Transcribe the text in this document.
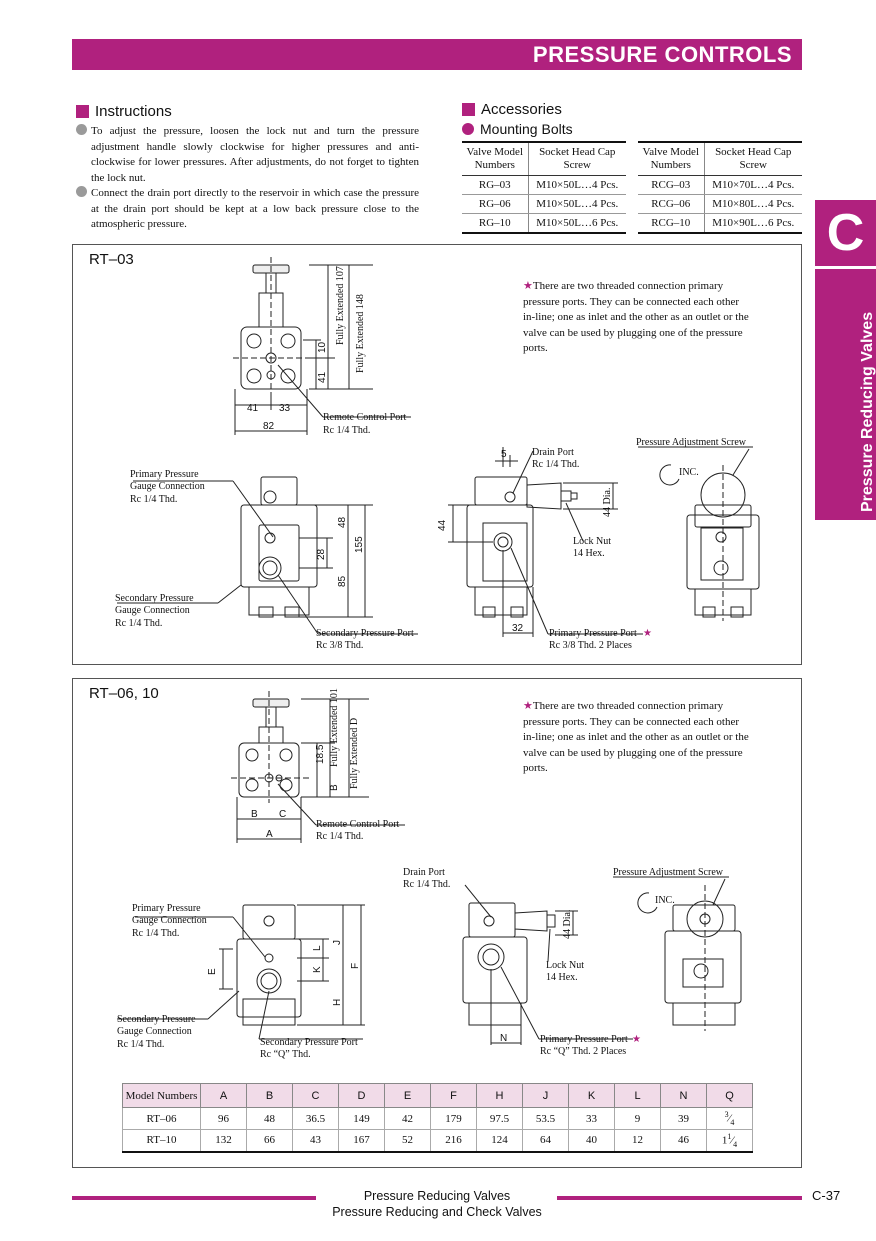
PRESSURE CONTROLS
Instructions

To adjust the pressure, loosen the lock nut and turn the pressure adjustment handle slowly clockwise for higher pressures and anti-clockwise for lower pressures. After adjustments, do not forget to tighten the lock nut.

Connect the drain port directly to the reservoir in which case the pressure at the drain port should be kept at a low back pressure close to the atmospheric pressure.

Accessories
Mounting Bolts
Valve Model Numbers	Socket Head Cap Screw
RG–03	M10×50L…4 Pcs.
RG–06	M10×50L…4 Pcs.
RG–10	M10×50L…6 Pcs.
Valve Model Numbers	Socket Head Cap Screw
RCG–03	M10×70L…4 Pcs.
RCG–06	M10×80L…4 Pcs.
RCG–10	M10×90L…6 Pcs. C
Pressure Reducing Valves
RT–03
★There are two threaded connection primary pressure ports. They can be connected each other in-line; one as inlet and the other as an outlet or the valve can be used by plugging one of the pressure ports.
Fully Extended 107 Fully Extended 148
10
41
41 33
82
Remote Control Port
Rc 1/4 Thd.
Primary Pressure
Gauge Connection
Rc 1/4 Thd.
Secondary Pressure
Gauge Connection
Rc 1/4 Thd.
Secondary Pressure Port
Rc 3/8 Thd.
48
28
85
155
5	Drain Port
Rc 1/4 Thd.
44
44 Dia.
Lock Nut
14 Hex.
32	Primary Pressure Port ★
Rc 3/8 Thd. 2 Places
Pressure Adjustment Screw
INC.
RT–06, 10
★There are two threaded connection primary pressure ports. They can be connected each other in-line; one as inlet and the other as an outlet or the valve can be used by plugging one of the pressure ports.
Fully Extended 101 Fully Extended D
18.5
B
B C
A
Remote Control Port
Rc 1/4 Thd.
Primary Pressure
Gauge Connection
Rc 1/4 Thd.
Secondary Pressure
Gauge Connection
Rc 1/4 Thd.	Secondary Pressure Port
Rc “Q” Thd.
E
L
K
J
H
F
Drain Port
Rc 1/4 Thd.
44 Dia.
Lock Nut
14 Hex.
N	Primary Pressure Port ★
Rc “Q” Thd. 2 Places
Pressure Adjustment Screw
INC.
Model Numbers	A	B	C	D	E	F	H	J	K	L	N	Q
RT–06	96	48	36.5	149	42	179	97.5	53.5	33	9	39	$^3⁄_4$
RT–10	132	66	43	167	52	216	124	64	40	12	46	$1^1⁄_4$
Pressure Reducing Valves
Pressure Reducing and Check Valves
C-37
